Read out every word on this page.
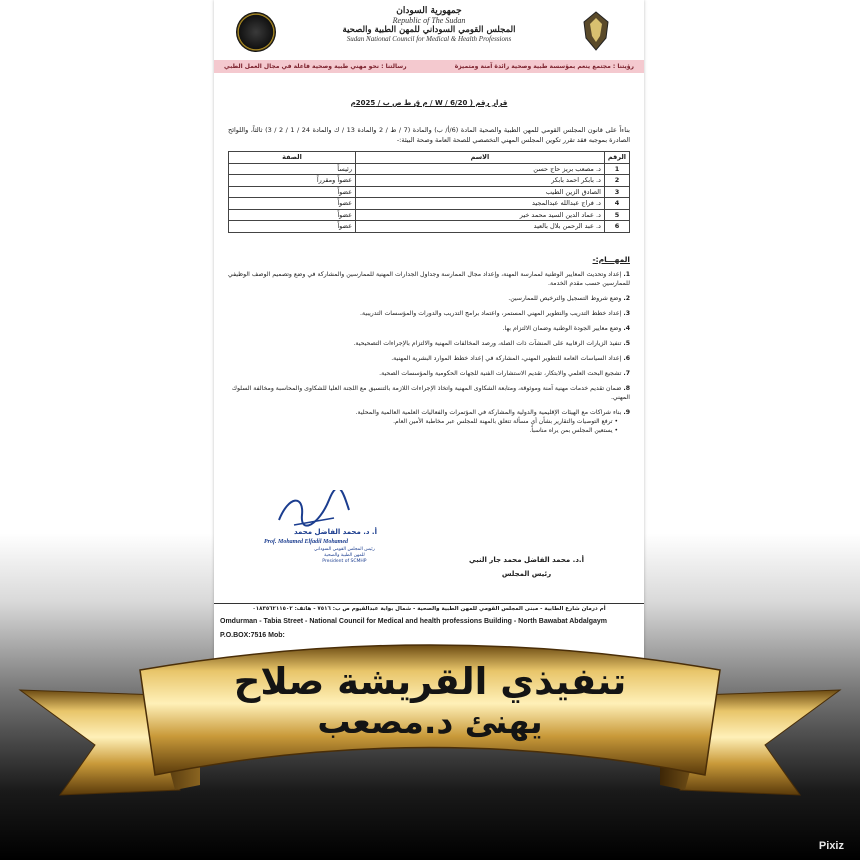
جمهورية السودان
Republic of The Sudan
المجلس القومي السوداني للمهن الطبية والصحية
Sudan National Council for Medical & Health Professions
رؤيتنا : مجتمع ينعم بمؤسسة طبية وصحية رائدة آمنة ومتميزة
رسالتنا : نحو مهني طبية وصحية فاعلة في مجال العمل الطبي
قرار رقم ( 6/20 / W / م ق ط ص ب / 2025م
بناءاً على قانون المجلس القومي للمهن الطبية والصحية المادة (6/أ/ ب) والمادة (7 / ط / 2 والمادة 13 / ك والمادة 24 / 1 / 2 / 3) ثالثاً، واللوائح الصادرة بموجبه فقد تقرر تكوين المجلس المهني التخصصي للصحة العامة وصحة البيئة:-
الرقم	الاسم	الصفة
1	د. مصعب بريز حاج حسن	رئيساً
2	د. بابكر احمد بابكر	عضواً ومقرراً
3	الصادق الزين الطيب	عضواً
4	د. فراج عبدالله عبدالمجيد	عضواً
5	د. عماد الدين السيد محمد خير	عضواً
6	د. عبد الرحمن بلال بالعيد	عضواً
المهـــام:-
1.إعداد وتحديث المعايير الوطنية لممارسة المهنة، وإعداد مجال الممارسة وجداول الجدارات المهنية للممارسين والمشاركة في وضع وتصميم الوصف الوظيفي للممارسين حسب مقدم الخدمة.
2.وضع شروط التسجيل والترخيص للممارسين.
3.إعداد خطط التدريب والتطوير المهني المستمر، واعتماد برامج التدريب والدورات والمؤسسات التدريبية.
4.وضع معايير الجودة الوطنية وضمان الالتزام بها.
5.تنفيذ الزيارات الرقابية على المنشآت ذات الصلة، ورصد المخالفات المهنية والالتزام بالإجراءات التصحيحية.
6.إعداد السياسات العامة للتطوير المهني، المشاركة في إعداد خطط الموارد البشرية المهنية.
7.تشجيع البحث العلمي والابتكار، تقديم الاستشارات الفنية للجهات الحكومية والمؤسسات الصحية.
8.ضمان تقديم خدمات مهنية آمنة وموثوقة، ومتابعة الشكاوى المهنية واتخاذ الإجراءات اللازمة بالتنسيق مع اللجنة العليا للشكاوى والمحاسبة ومخالفة السلوك المهني.
9.بناء شراكات مع الهيئات الإقليمية والدولية والمشاركة في المؤتمرات والفعاليات العلمية العالمية والمحلية.
• ترفع التوصيات والتقارير بشأن أي مسألة تتعلق بالمهنة للمجلس عبر مخاطبة الأمين العام.
• يستعين المجلس بمن يراه مناسباً.
أ. د. محمد الفاضل محمد
Prof. Mohamed Elfadil Mohamed
رئيس المجلس القومي السوداني
للمهن الطبية والصحية
President of SCMHP	أ.د. محمد الفاضل محمد جار النبي
رئيس المجلس
أم درمان شارع الطابية - مبنى المجلس القومي للمهن الطبية والصحية - شمال بوابة عبدالقيوم ص ب: ٧٥١٦ - هاتف: ٠١٨٣٥٦٢١١٥٠٢
Omdurman - Tabia Street - National Council for Medical and health professions Building - North Bawabat Abdalgaym
P.O.BOX:7516 Mob:
تنفيذي القريشة صلاح
يهنئ د.مصعب
Pixiz
